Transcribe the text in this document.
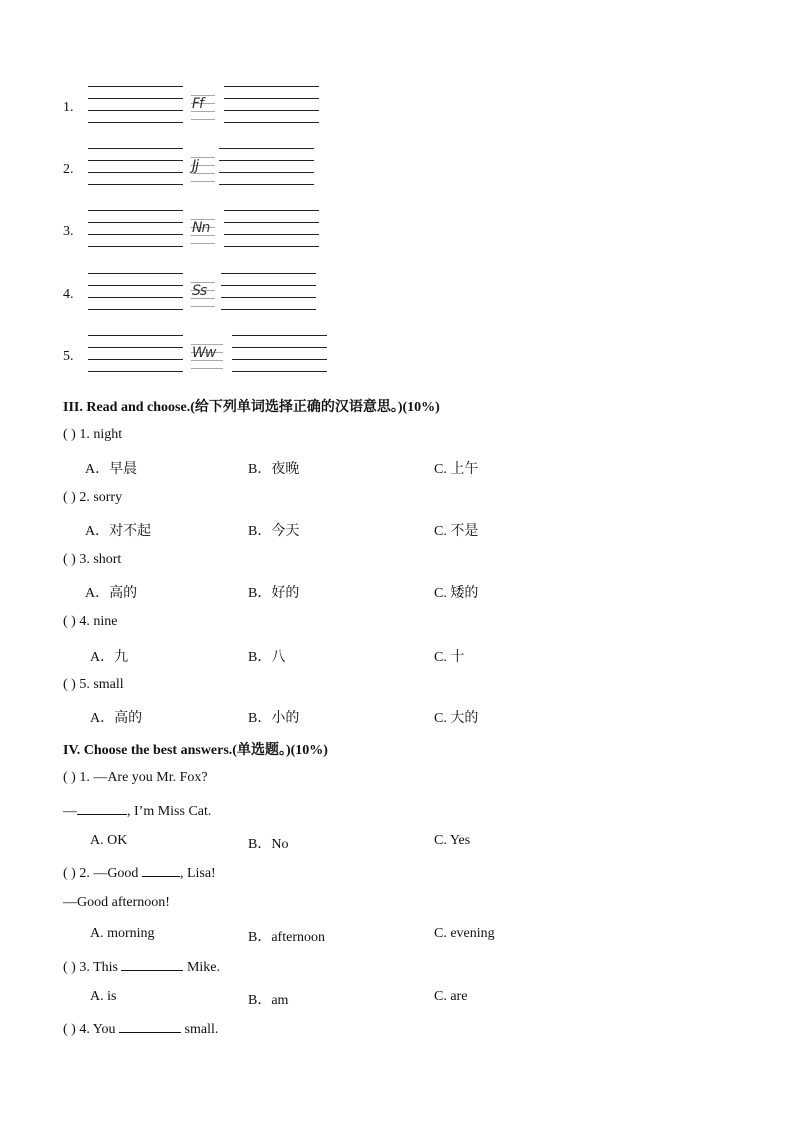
1.	Ff
2.	Jj
3.	Nn
4.	Ss
5.	Ww
III. Read and choose.(给下列单词选择正确的汉语意思。)(10%)
( ) 1. night
A．早晨	B．夜晚	C. 上午
( ) 2. sorry
A．对不起	B．今天	C. 不是
( ) 3. short
A．高的	B．好的	C. 矮的
( ) 4. nine
A．九	B．八	C. 十
( ) 5. small
A．高的	B．小的	C. 大的
IV. Choose the best answers.(单选题。)(10%)
( ) 1. —Are you Mr. Fox?
—	, I’m Miss Cat.
A. OK	B．No	C. Yes
( ) 2. —Good	, Lisa!
—Good afternoon!
A. morning	B．afternoon	C. evening
( ) 3. This	Mike.
A. is	B．am	C. are
( ) 4. You	small.
